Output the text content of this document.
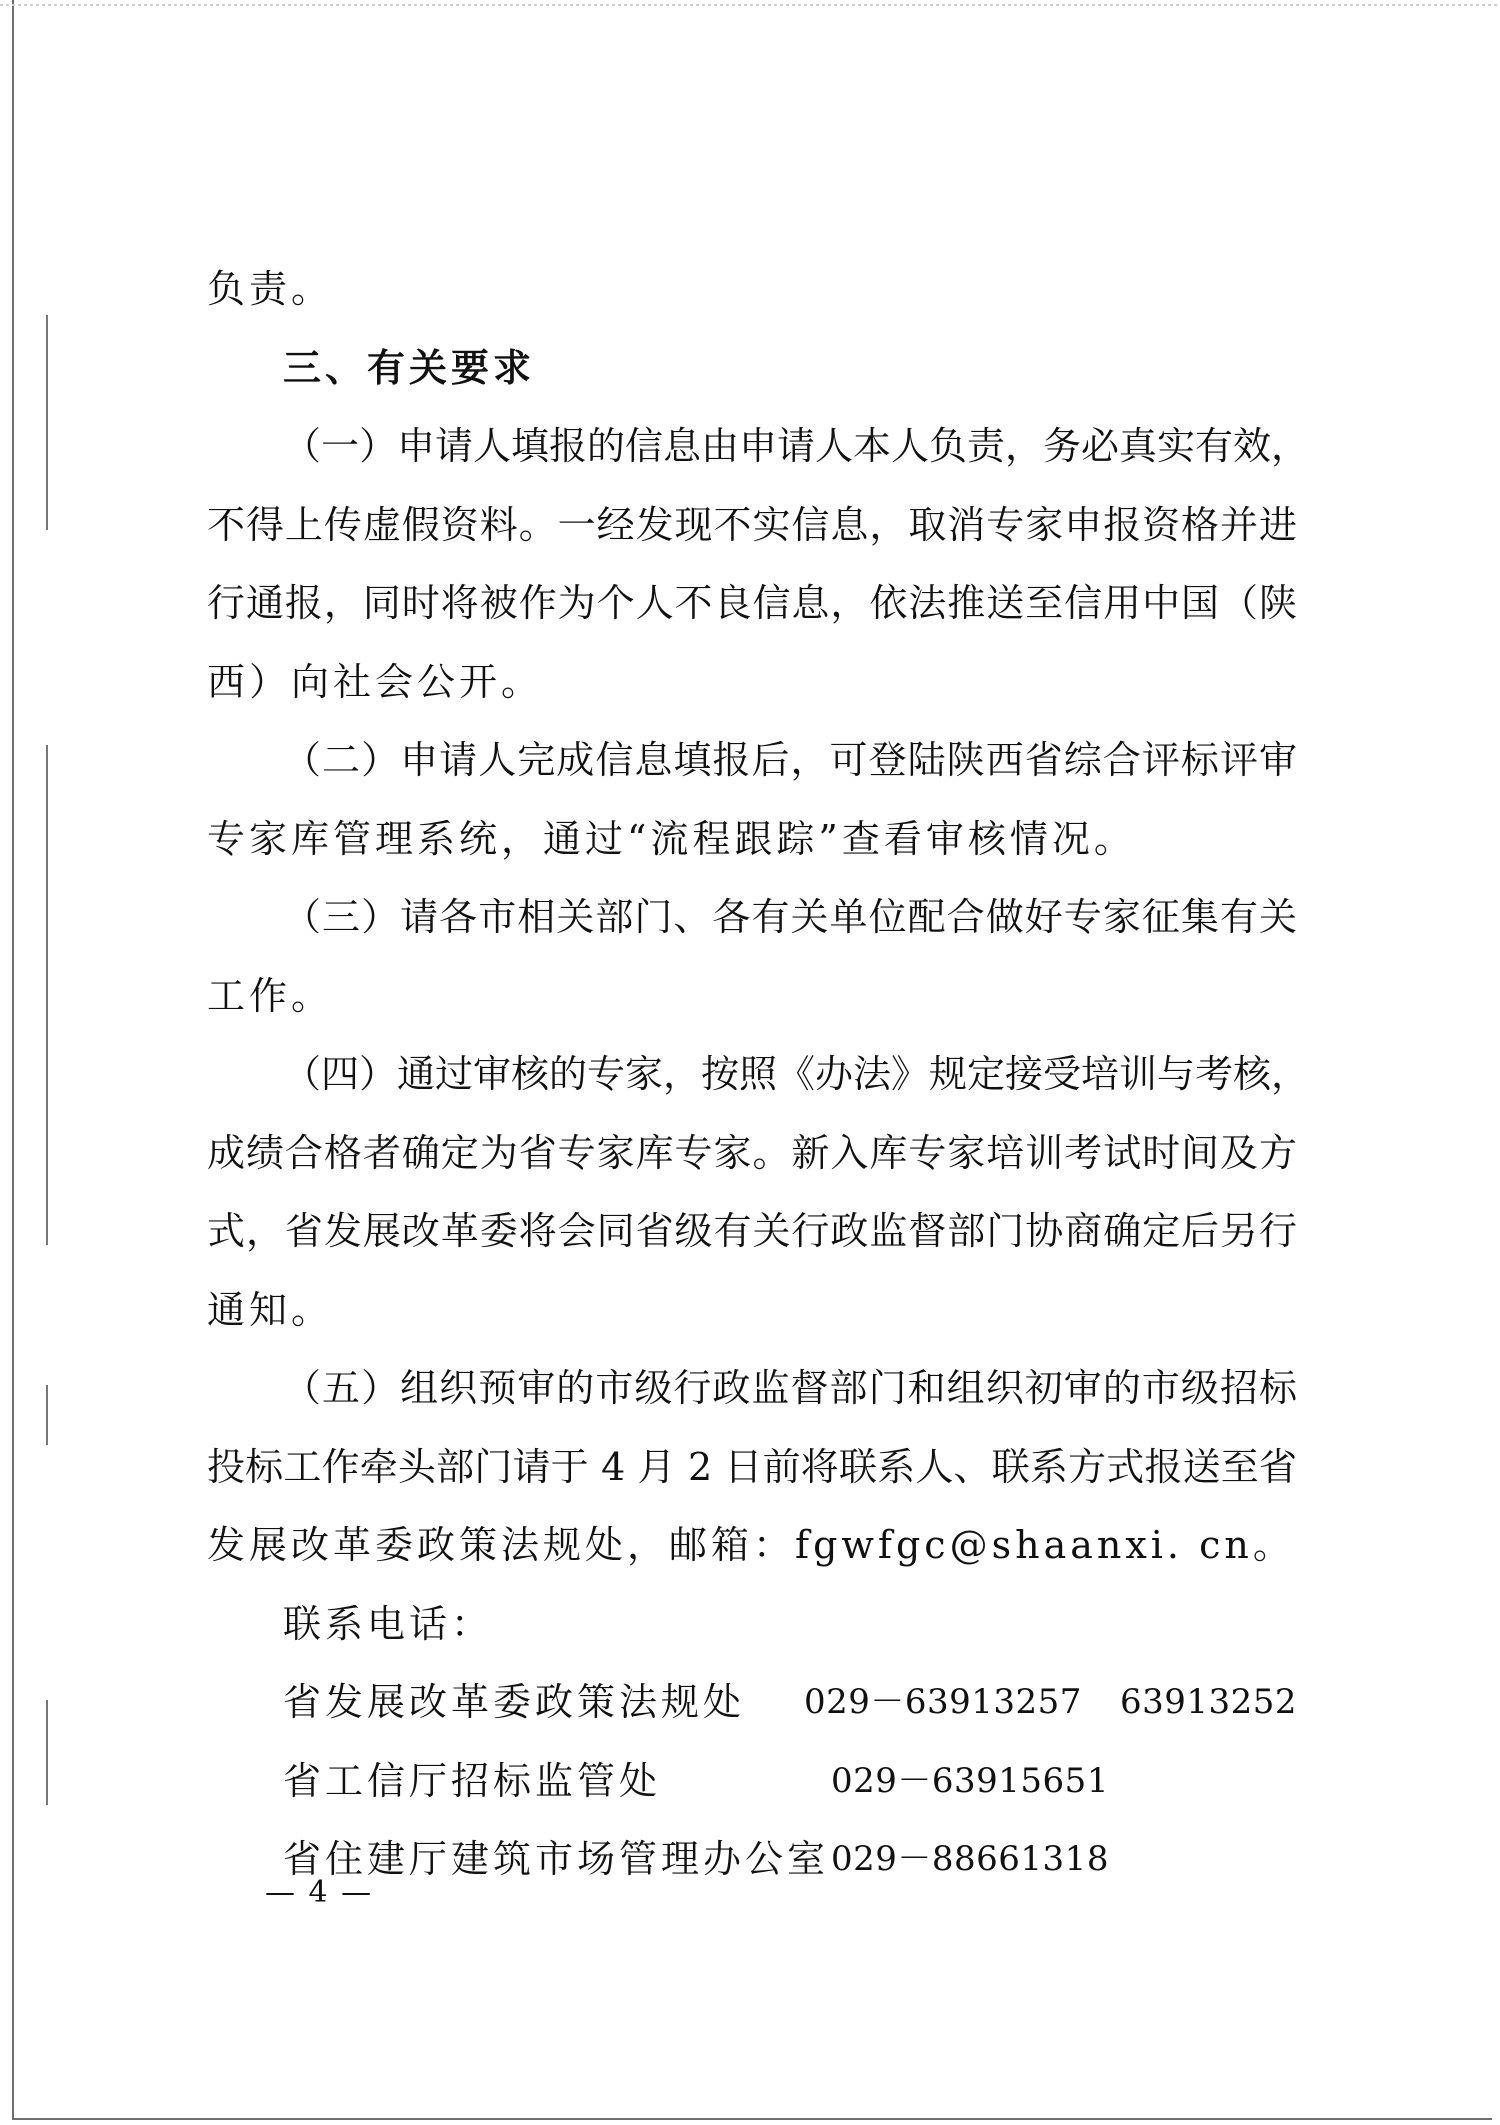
负责。
三、有关要求
（一）申请人填报的信息由申请人本人负责，务必真实有效，
不得上传虚假资料。一经发现不实信息，取消专家申报资格并进
行通报，同时将被作为个人不良信息，依法推送至信用中国（陕
西）向社会公开。
（二）申请人完成信息填报后，可登陆陕西省综合评标评审
专家库管理系统，通过“流程跟踪”查看审核情况。
（三）请各市相关部门、各有关单位配合做好专家征集有关
工作。
（四）通过审核的专家，按照《办法》规定接受培训与考核，
成绩合格者确定为省专家库专家。新入库专家培训考试时间及方
式，省发展改革委将会同省级有关行政监督部门协商确定后另行
通知。
（五）组织预审的市级行政监督部门和组织初审的市级招标
投标工作牵头部门请于 4 月 2 日前将联系人、联系方式报送至省
发展改革委政策法规处，邮箱：fgwfgc@shaanxi. cn。
联系电话：
省发展改革委政策法规处	029－63913257 63913252
省工信厅招标监管处	029－63915651
省住建厅建筑市场管理办公室 029－88661318
— 4 —
